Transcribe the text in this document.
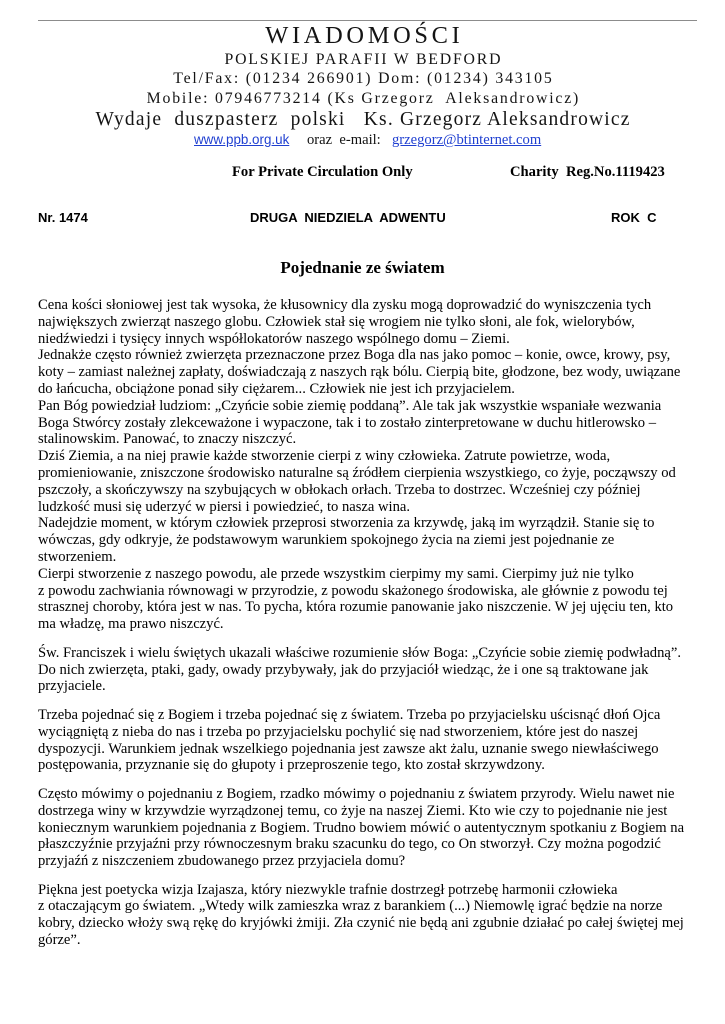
WIADOMOŚCI
POLSKIEJ PARAFII W BEDFORD
Tel/Fax: (01234 266901) Dom: (01234) 343105
Mobile: 07946773214 (Ks Grzegorz  Aleksandrowicz)
Wydaje  duszpasterz  polski   Ks. Grzegorz Aleksandrowicz
www.ppb.org.uk oraz  e-mail: grzegorz@btinternet.com
For Private Circulation Only	Charity  Reg.No.1119423
Nr. 1474	DRUGA  NIEDZIELA  ADWENTU	ROK  C
Pojednanie ze światem
Cena kości słoniowej jest tak wysoka, że kłusownicy dla zysku mogą doprowadzić do wyniszczenia tych
największych zwierząt naszego globu. Człowiek stał się wrogiem nie tylko słoni, ale fok, wielorybów,
niedźwiedzi i tysięcy innych współlokatorów naszego wspólnego domu – Ziemi.
Jednakże często również zwierzęta przeznaczone przez Boga dla nas jako pomoc – konie, owce, krowy, psy,
koty – zamiast należnej zapłaty, doświadczają z naszych rąk bólu. Cierpią bite, głodzone, bez wody, uwiązane
do łańcucha, obciążone ponad siły ciężarem... Człowiek nie jest ich przyjacielem.
Pan Bóg powiedział ludziom: „Czyńcie sobie ziemię poddaną”. Ale tak jak wszystkie wspaniałe wezwania
Boga Stwórcy zostały zlekceważone i wypaczone, tak i to zostało zinterpretowane w duchu hitlerowsko –
stalinowskim. Panować, to znaczy niszczyć.
Dziś Ziemia, a na niej prawie każde stworzenie cierpi z winy człowieka. Zatrute powietrze, woda,
promieniowanie, zniszczone środowisko naturalne są źródłem cierpienia wszystkiego, co żyje, począwszy od
pszczoły, a skończywszy na szybujących w obłokach orłach. Trzeba to dostrzec. Wcześniej czy później
ludzkość musi się uderzyć w piersi i powiedzieć, to nasza wina.
Nadejdzie moment, w którym człowiek przeprosi stworzenia za krzywdę, jaką im wyrządził. Stanie się to
wówczas, gdy odkryje, że podstawowym warunkiem spokojnego życia na ziemi jest pojednanie ze
stworzeniem.
Cierpi stworzenie z naszego powodu, ale przede wszystkim cierpimy my sami. Cierpimy już nie tylko
z powodu zachwiania równowagi w przyrodzie, z powodu skażonego środowiska, ale głównie z powodu tej
strasznej choroby, która jest w nas. To pycha, która rozumie panowanie jako niszczenie. W jej ujęciu ten, kto
ma władzę, ma prawo niszczyć.
Św. Franciszek i wielu świętych ukazali właściwe rozumienie słów Boga: „Czyńcie sobie ziemię podwładną”.
Do nich zwierzęta, ptaki, gady, owady przybywały, jak do przyjaciół wiedząc, że i one są traktowane jak
przyjaciele.
Trzeba pojednać się z Bogiem i trzeba pojednać się z światem. Trzeba po przyjacielsku uścisnąć dłoń Ojca
wyciągniętą z nieba do nas i trzeba po przyjacielsku pochylić się nad stworzeniem, które jest do naszej
dyspozycji. Warunkiem jednak wszelkiego pojednania jest zawsze akt żalu, uznanie swego niewłaściwego
postępowania, przyznanie się do głupoty i przeproszenie tego, kto został skrzywdzony.
Często mówimy o pojednaniu z Bogiem, rzadko mówimy o pojednaniu z światem przyrody. Wielu nawet nie
dostrzega winy w krzywdzie wyrządzonej temu, co żyje na naszej Ziemi. Kto wie czy to pojednanie nie jest
koniecznym warunkiem pojednania z Bogiem. Trudno bowiem mówić o autentycznym spotkaniu z Bogiem na
płaszczyźnie przyjaźni przy równoczesnym braku szacunku do tego, co On stworzył. Czy można pogodzić
przyjaźń z niszczeniem zbudowanego przez przyjaciela domu?
Piękna jest poetycka wizja Izajasza, który niezwykle trafnie dostrzegł potrzebę harmonii człowieka
z otaczającym go światem. „Wtedy wilk zamieszka wraz z barankiem (...) Niemowlę igrać będzie na norze
kobry, dziecko włoży swą rękę do kryjówki żmiji. Zła czynić nie będą ani zgubnie działać po całej świętej mej
górze”.
